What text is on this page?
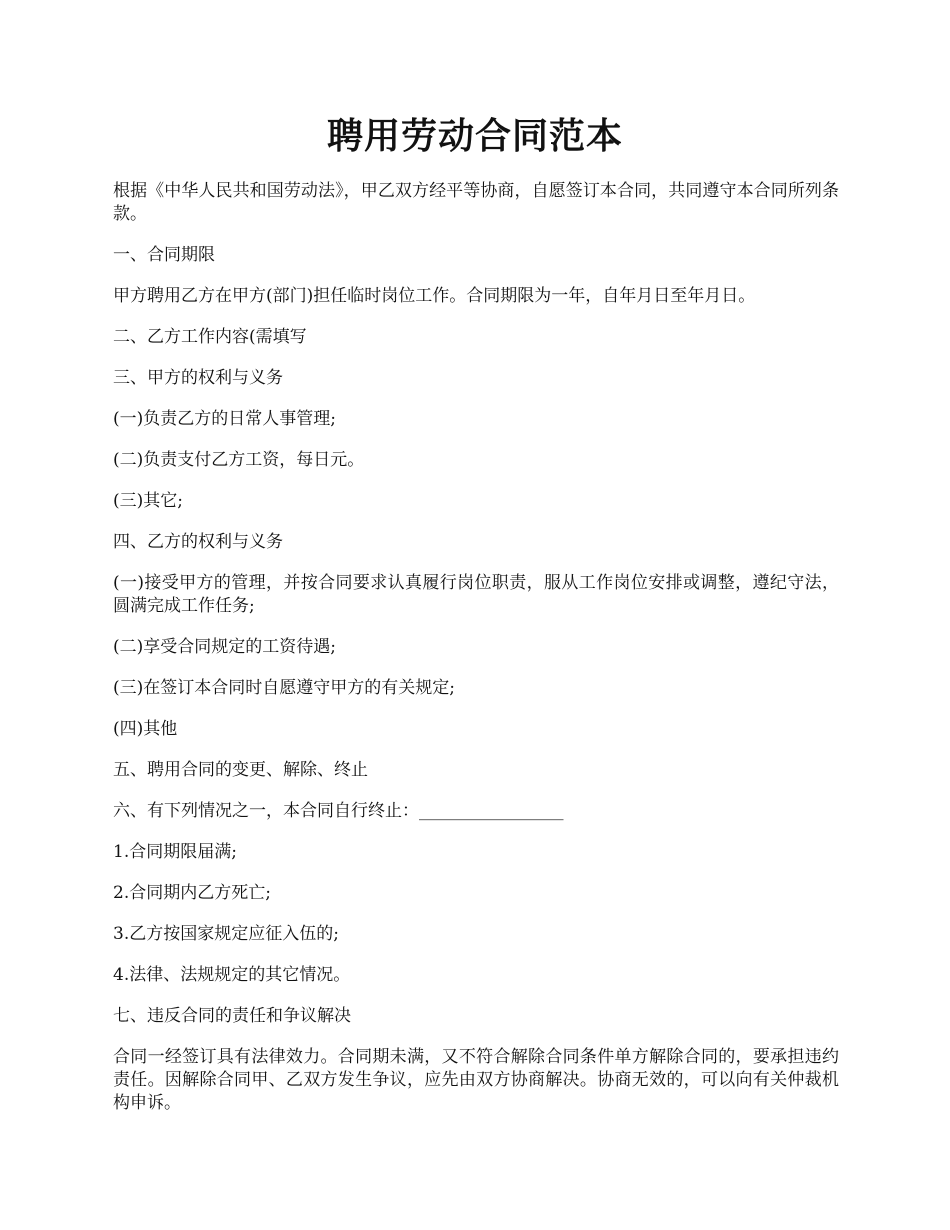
聘用劳动合同范本

根据《中华人民共和国劳动法》，甲乙双方经平等协商，自愿签订本合同，共同遵守本合同所列条款。

一、合同期限

甲方聘用乙方在甲方(部门)担任临时岗位工作。合同期限为一年，自年月日至年月日。

二、乙方工作内容(需填写

三、甲方的权利与义务

(一)负责乙方的日常人事管理;

(二)负责支付乙方工资，每日元。

(三)其它;

四、乙方的权利与义务

(一)接受甲方的管理，并按合同要求认真履行岗位职责，服从工作岗位安排或调整，遵纪守法，圆满完成工作任务;

(二)享受合同规定的工资待遇;

(三)在签订本合同时自愿遵守甲方的有关规定;

(四)其他

五、聘用合同的变更、解除、终止

六、有下列情况之一，本合同自行终止：_________________

1.合同期限届满;

2.合同期内乙方死亡;

3.乙方按国家规定应征入伍的;

4.法律、法规规定的其它情况。

七、违反合同的责任和争议解决

合同一经签订具有法律效力。合同期未满，又不符合解除合同条件单方解除合同的，要承担违约责任。因解除合同甲、乙双方发生争议，应先由双方协商解决。协商无效的，可以向有关仲裁机构申诉。
